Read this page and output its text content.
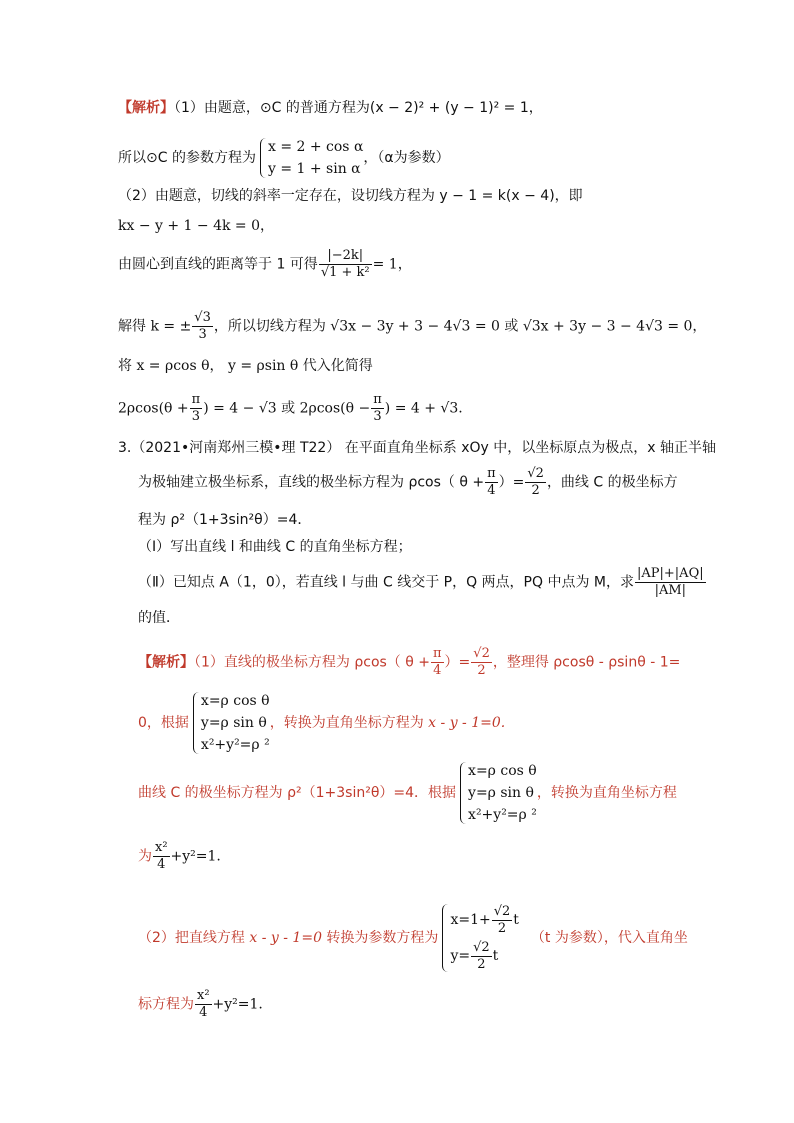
【解析】（1）由题意，⊙C 的普通方程为(x − 2)² + (y − 1)² = 1，
所以⊙C 的参数方程为
x = 2 + cos α
y = 1 + sin α
，（α为参数）
（2）由题意，切线的斜率一定存在，设切线方程为 y − 1 = k(x − 4)，即
kx − y + 1 − 4k = 0，
由圆心到直线的距离等于 1 可得 $\frac{|-2k|}{\text{√1 + k²}} = 1$，
解得 k = ± $\frac{√3}{3}$ ，所以切线方程为 √3x − 3y + 3 − 4√3 = 0 或 √3x + 3y − 3 − 4√3 = 0，
将 x = ρcos θ， y = ρsin θ 代入化简得
$2\rho\cos(\theta + \frac{\pi}{3}$ ) = 4 − √3 或 $2\rho\cos(\theta - \frac{\pi}{3}$ ) = 4 + √3.
3.（2021•河南郑州三模•理 T22） 在平面直角坐标系 xOy 中，以坐标原点为极点，x 轴正半轴
为极轴建立极坐标系，直线的极坐标方程为 ρcos（ $\theta + \frac{\pi}{4}$ ）= $\frac{√2}{2}$ ，曲线 C 的极坐标方
程为 ρ²（1+3sin²θ）=4．
（Ⅰ）写出直线 l 和曲线 C 的直角坐标方程；
（Ⅱ）已知点 A（1，0），若直线 l 与曲 C 线交于 P，Q 两点，PQ 中点为 M，求 $\frac{|AP|+|AQ|}{|AM|}$
的值．
【解析】（1）直线的极坐标方程为 ρcos（ $\theta + \frac{\pi}{4}$ ）= $\frac{√2}{2}$ ，整理得 ρcosθ - ρsinθ - 1=
0，根据
x=ρ cos θ
y=ρ sin θ
x²+y²=ρ ²
，转换为直角坐标方程为 x - y - 1=0.
曲线 C 的极坐标方程为 ρ²（1+3sin²θ）=4．根据
x=ρ cos θ
y=ρ sin θ
x²+y²=ρ ²
，转换为直角坐标方程
为 $\frac{\text{x²}}{4} +y^2=1$.
（2）把直线方程 x - y - 1=0 转换为参数方程为
$x=1+ \frac{√2}{2}$ t
$y= \frac{√2}{2}$ t
（t 为参数），代入直角坐
标方程为 $\frac{\text{x²}}{4} +y^2=1$.
